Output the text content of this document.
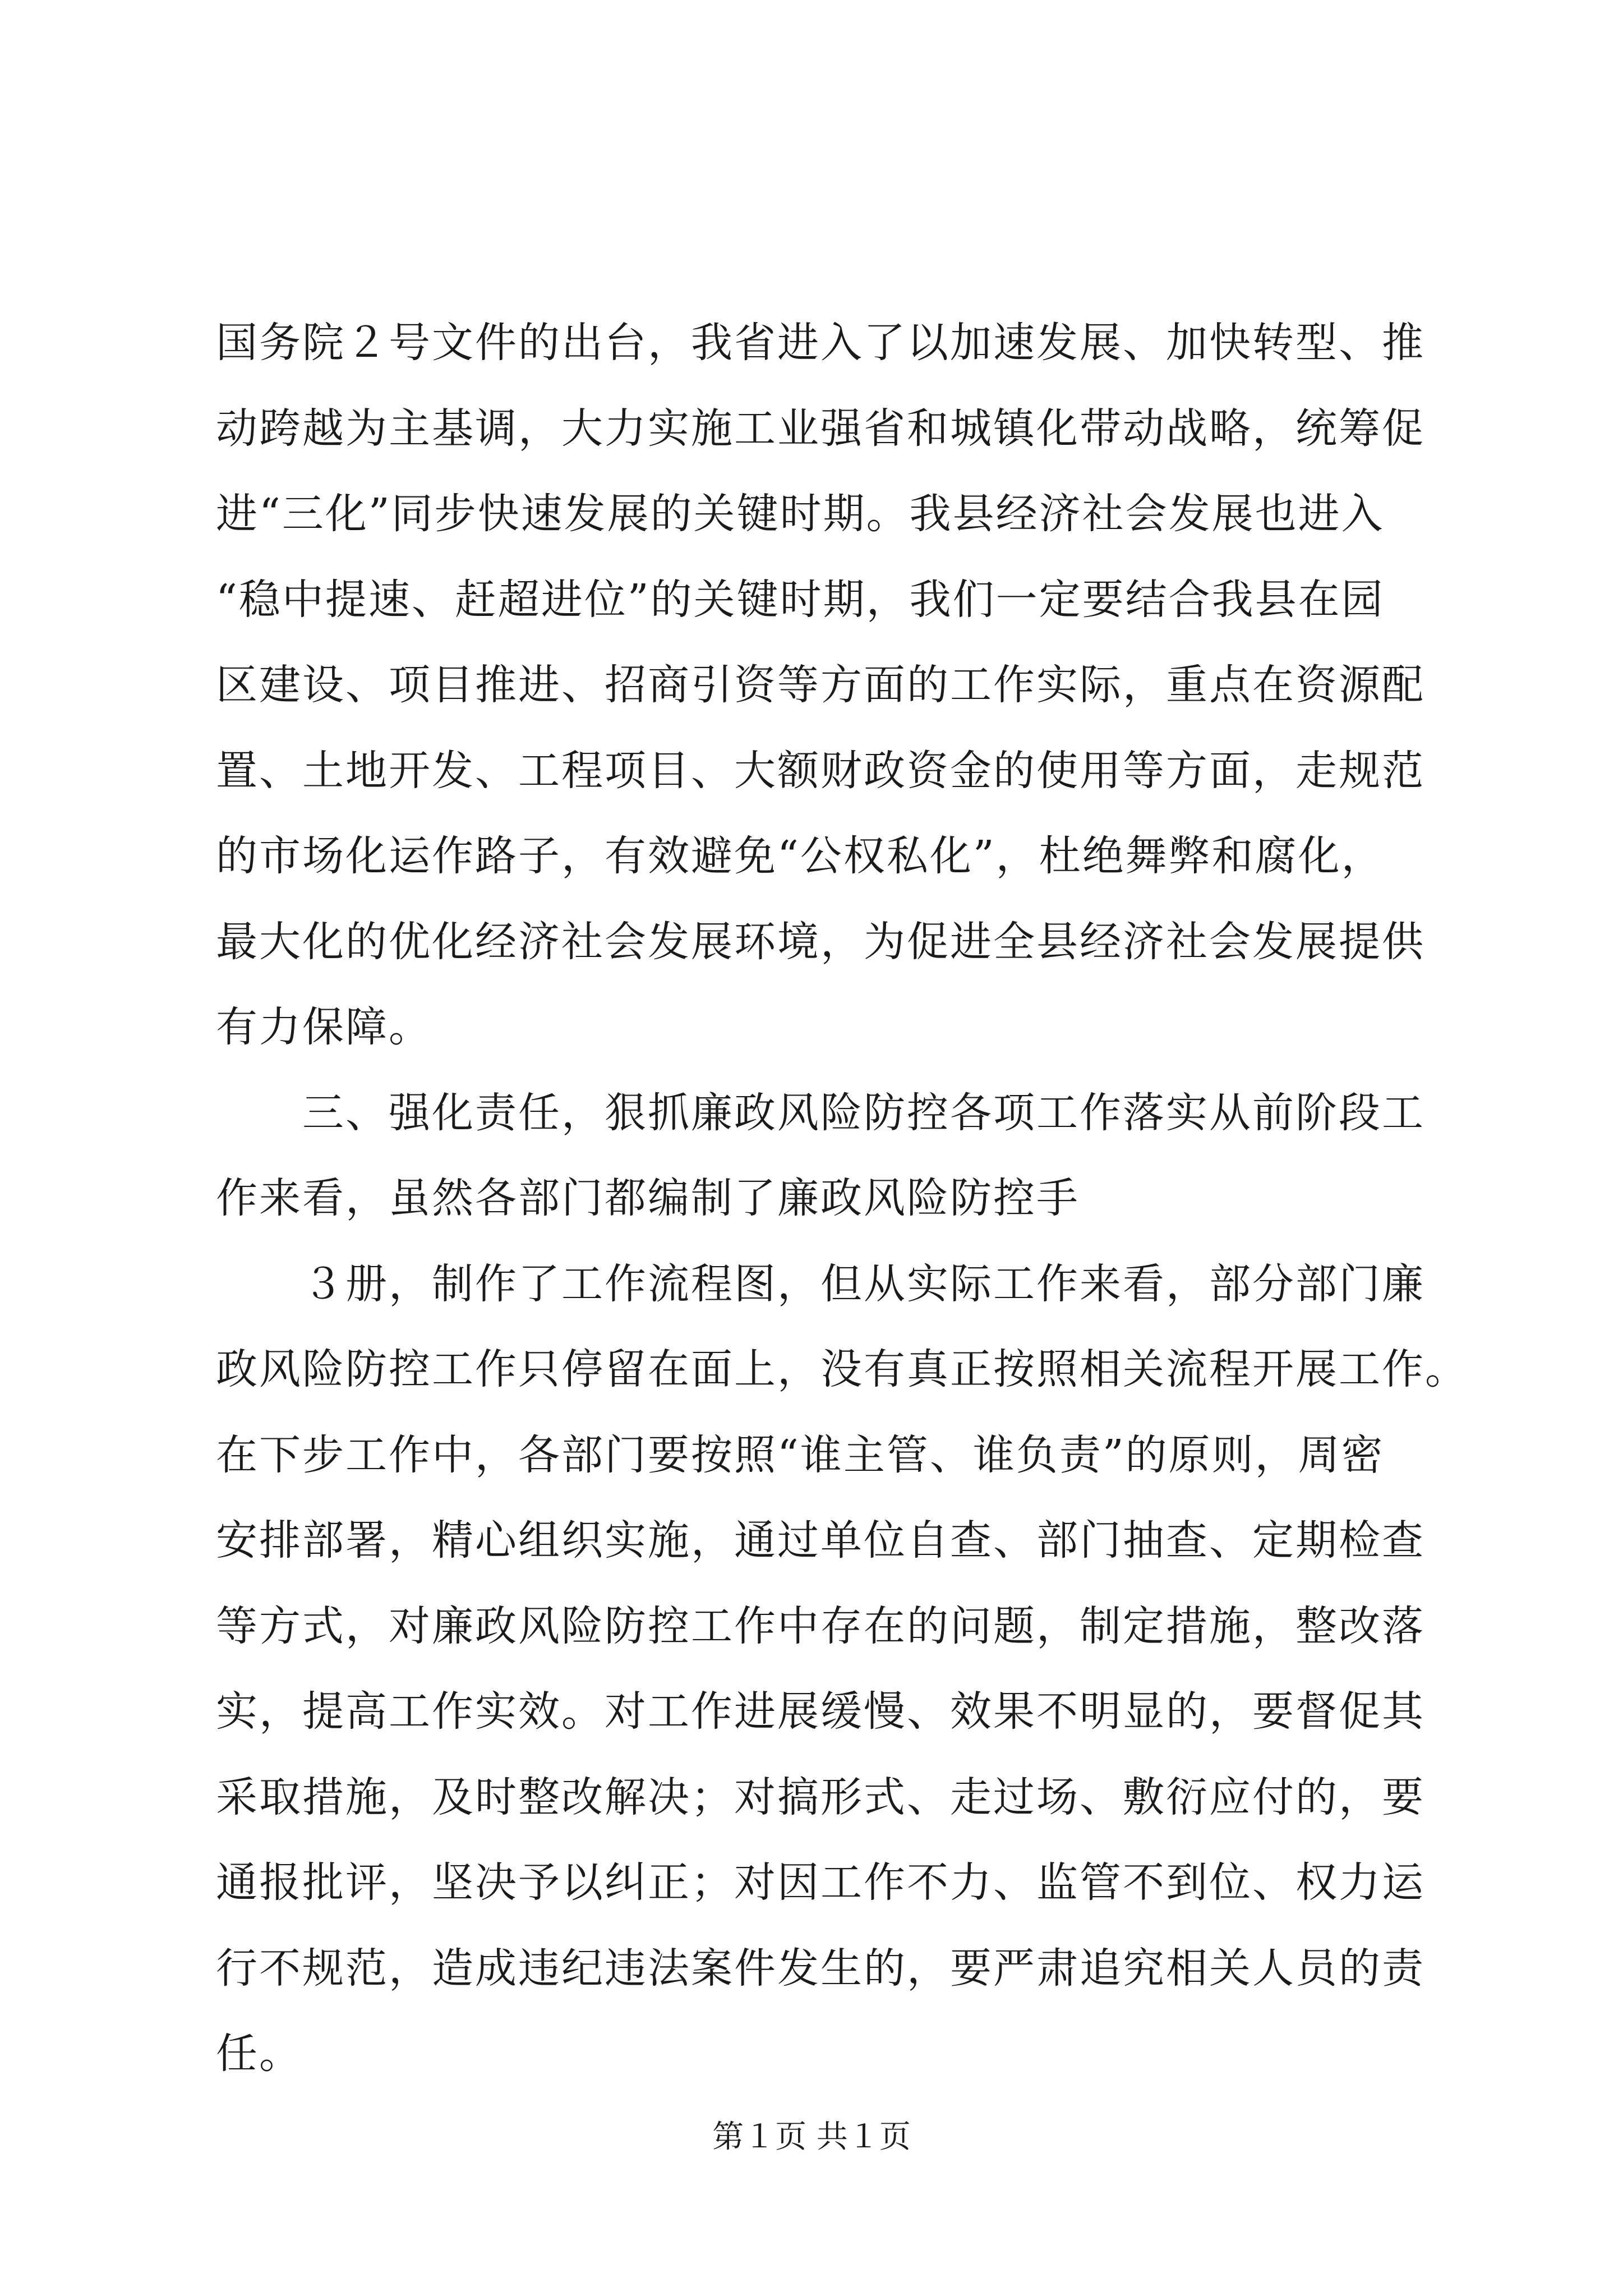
国务院２号文件的出台，我省进入了以加速发展、加快转型、推
动跨越为主基调，大力实施工业强省和城镇化带动战略，统筹促
进“三化”同步快速发展的关键时期。我县经济社会发展也进入
“稳中提速、赶超进位”的关键时期，我们一定要结合我县在园
区建设、项目推进、招商引资等方面的工作实际，重点在资源配
置、土地开发、工程项目、大额财政资金的使用等方面，走规范
的市场化运作路子，有效避免“公权私化”，杜绝舞弊和腐化，
最大化的优化经济社会发展环境，为促进全县经济社会发展提供
有力保障。
　　三、强化责任，狠抓廉政风险防控各项工作落实从前阶段工
作来看，虽然各部门都编制了廉政风险防控手
　　３册，制作了工作流程图，但从实际工作来看，部分部门廉
政风险防控工作只停留在面上，没有真正按照相关流程开展工作。
在下步工作中，各部门要按照“谁主管、谁负责”的原则，周密
安排部署，精心组织实施，通过单位自查、部门抽查、定期检查
等方式，对廉政风险防控工作中存在的问题，制定措施，整改落
实，提高工作实效。对工作进展缓慢、效果不明显的，要督促其
采取措施，及时整改解决；对搞形式、走过场、敷衍应付的，要
通报批评，坚决予以纠正；对因工作不力、监管不到位、权力运
行不规范，造成违纪违法案件发生的，要严肃追究相关人员的责
任。
第１页 共１页
